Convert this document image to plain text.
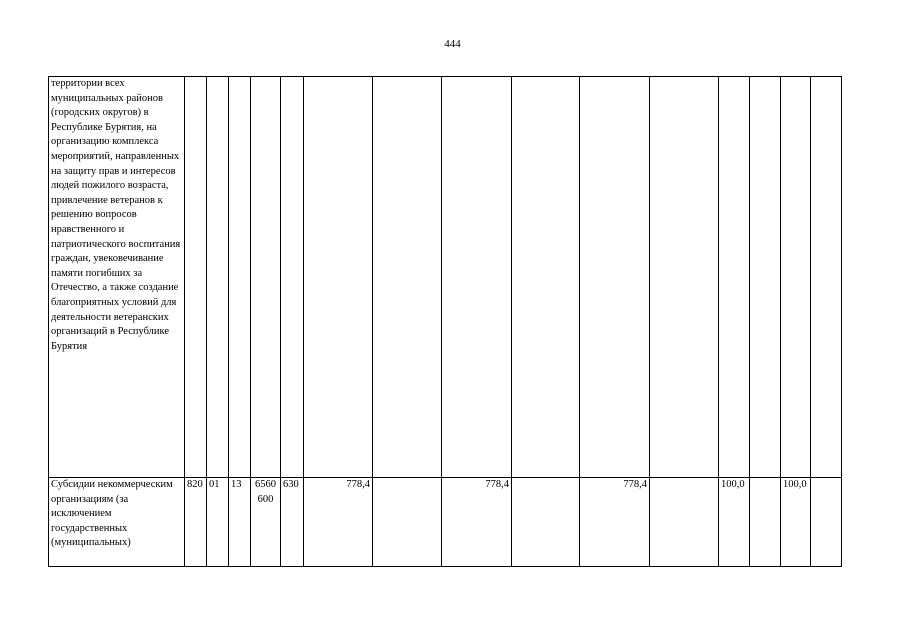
444
территории всех муниципальных районов (городских округов) в Республике Бурятия, на организацию комплекса мероприятий, направленных на защиту прав и интересов людей пожилого возраста, привлечение ветеранов к решению вопросов нравственного и патриотического воспитания граждан, увековечивание памяти погибших за Отечество, а также создание благоприятных условий для деятельности ветеранских организаций в Республике Бурятия															
Субсидии некоммерческим организациям (за исключением государственных (муниципальных)	820	01	13	6560 600	630	778,4		778,4		778,4		100,0		100,0	
